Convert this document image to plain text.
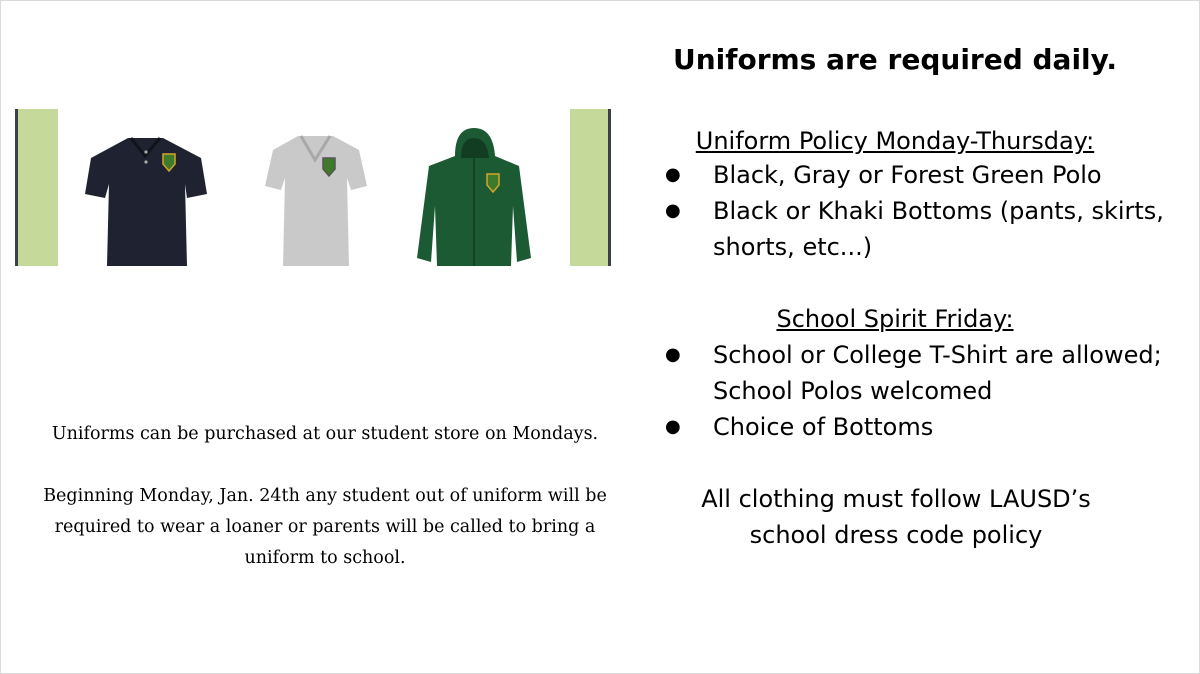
Uniforms are required daily.
Uniform Policy Monday-Thursday:
● Black, Gray or Forest Green Polo
● Black or Khaki Bottoms (pants, skirts, shorts, etc...)
School Spirit Friday:
● School or College T-Shirt are allowed; School Polos welcomed
● Choice of Bottoms
All clothing must follow LAUSD’s school dress code policy
Uniforms can be purchased at our student store on Mondays.
Beginning Monday, Jan. 24th any student out of uniform will be required to wear a loaner or parents will be called to bring a uniform to school.
